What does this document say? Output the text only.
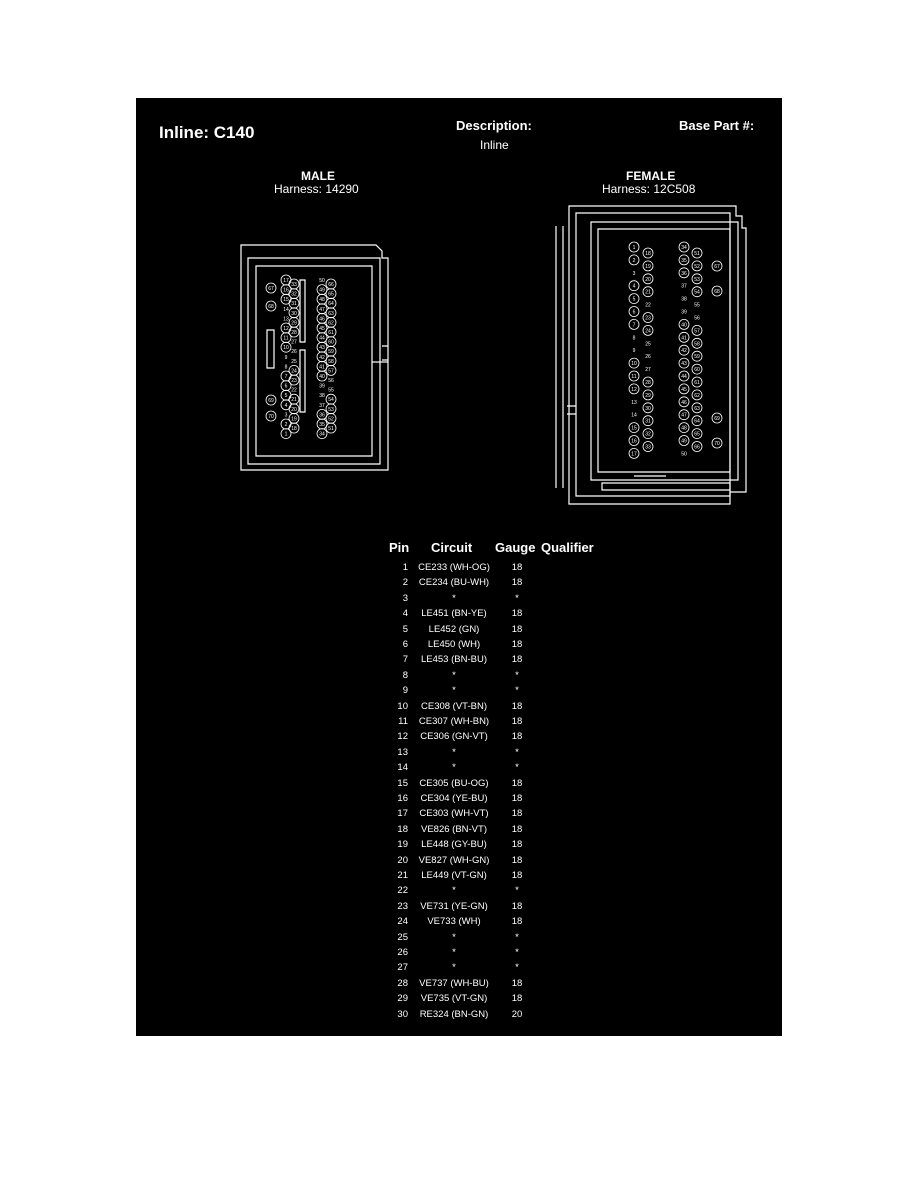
Inline: C140	Description:
Inline
Base Part #:
MALE
Harness: 14290
FEMALE
Harness: 12C508
67
68
69
70
17
16
15
14
13
12
11
10
9
8
7
6
5
4
3
2
1
33
32
31
30
29
28
27
26
25
24
23
22
21
20
19
18
50
49
48
47
46
45
44
43
42
41
40
39
38
37
36
35
34
66
65
64
63
62
61
60
59
58
57
56
55
54
53
52
51
1
2
3
4
5
6
7
8
9
10
11
12
13
14
15
16
17
18
19
20
21
22
23
24
25
26
27
28
29
30
31
32
33
34
35
36
37
38
39
40
41
42
43
44
45
46
47
48
49
50
51
52
53
54
55
56
57
58
59
60
61
62
63
64
65
66
67
68
69
70
Pin Circuit Gauge Qualifier
1	CE233 (WH-OG)	18
2	CE234 (BU-WH)	18
3	*	*
4	LE451 (BN-YE)	18
5	LE452 (GN)	18
6	LE450 (WH)	18
7	LE453 (BN-BU)	18
8	*	*
9	*	*
10	CE308 (VT-BN)	18
11	CE307 (WH-BN)	18
12	CE306 (GN-VT)	18
13	*	*
14	*	*
15	CE305 (BU-OG)	18
16	CE304 (YE-BU)	18
17	CE303 (WH-VT)	18
18	VE826 (BN-VT)	18
19	LE448 (GY-BU)	18
20	VE827 (WH-GN)	18
21	LE449 (VT-GN)	18
22	*	*
23	VE731 (YE-GN)	18
24	VE733 (WH)	18
25	*	*
26	*	*
27	*	*
28	VE737 (WH-BU)	18
29	VE735 (VT-GN)	18
30	RE324 (BN-GN)	20
